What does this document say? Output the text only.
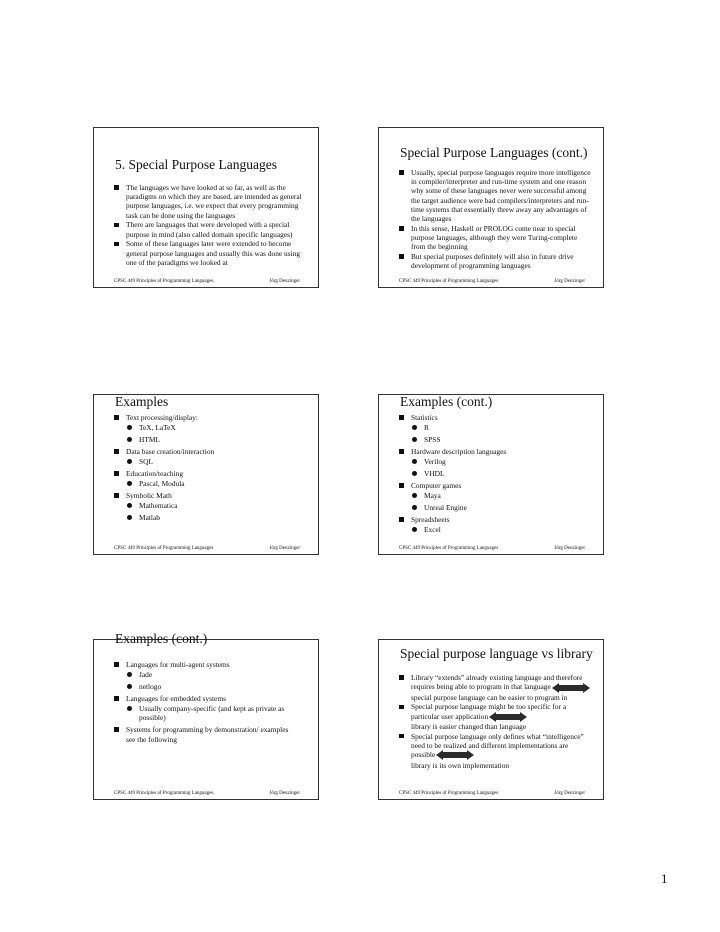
5. Special Purpose Languages

The languages we have looked at so far, as well as the paradigms on which they are based, are intended as general purpose languages, i.e. we expect that every programming task can be done using the languages

There are languages that were developed with a special purpose in mind (also called domain specific languages)

Some of these languages later were extended to become general purpose languages and usually this was done using one of the paradigms we looked at

CPSC 449 Principles of Programming Languages	Jörg Denzinger
Special Purpose Languages (cont.)

Usually, special purpose languages require more intelligence in compiler/interpreter and run-time system and one reason why some of these languages never were successful among the target audience were bad compilers/interpreters and run-time systems that essentially threw away any advantages of the languages

In this sense, Haskell or PROLOG come near to special purpose languages, although they were Turing-complete from the beginning

But special purposes definitely will also in future drive development of programming languages

CPSC 449 Principles of Programming Languages	Jörg Denzinger
Examples

Text processing/display:

TeX, LaTeX

HTML

Data base creation/interaction

SQL

Education/teaching

Pascal, Modula

Symbolic Math

Mathematica

Matlab

CPSC 449 Principles of Programming Languages	Jörg Denzinger
Examples (cont.)

Statistics

R

SPSS

Hardware description languages

Verilog

VHDL

Computer games

Maya

Unreal Engine

Spreadsheets

Excel

CPSC 449 Principles of Programming Languages	Jörg Denzinger
Examples (cont.)

Languages for multi-agent systems

Jade

netlogo

Languages for embedded systems

Usually company-specific (and kept as private as possible)

Systems for programming by demonstration/ examples

see the following

CPSC 449 Principles of Programming Languages	Jörg Denzinger
Special purpose language vs library

Library “extends” already existing language and therefore requires being able to program in that language

special purpose language can be easier to program in

Special purpose language might be too specific for a particular user application

library is easier changed than language

Special purpose language only defines what “intelligence” need to be realized and different implementations are possible

library is its own implementation

CPSC 449 Principles of Programming Languages	Jörg Denzinger
1
